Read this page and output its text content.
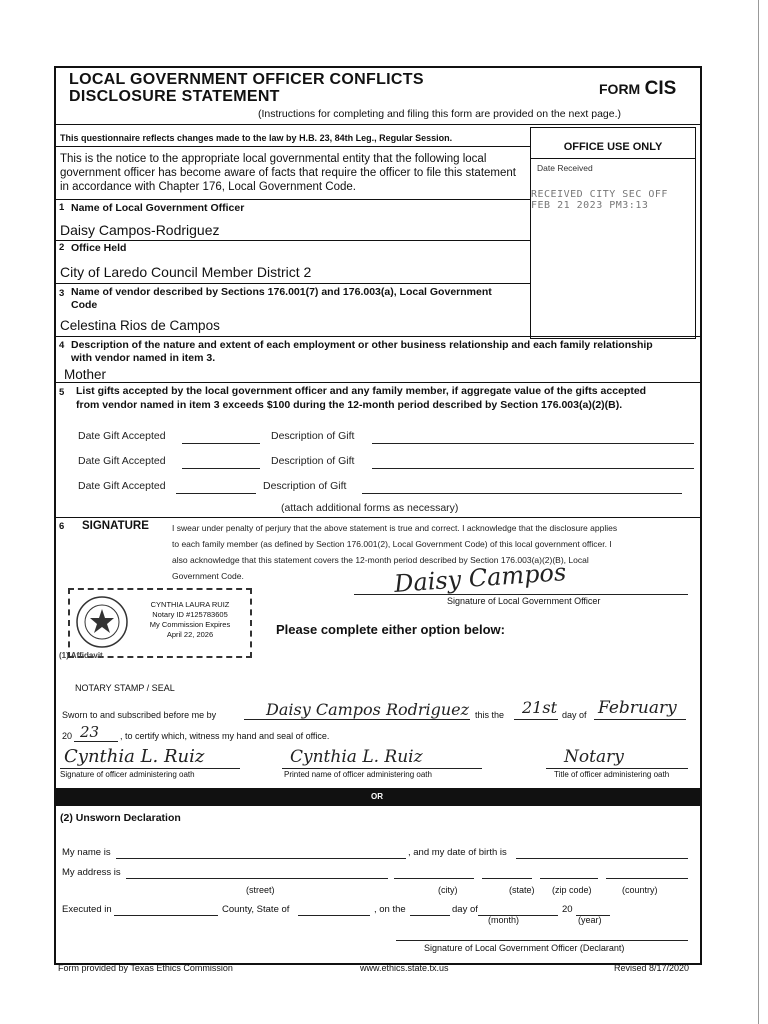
LOCAL GOVERNMENT OFFICER CONFLICTS
DISCLOSURE STATEMENT	FORM CIS
(Instructions for completing and filing this form are provided on the next page.)
This questionnaire reflects changes made to the law by H.B. 23, 84th Leg., Regular Session.
OFFICE USE ONLY
Date Received
RECEIVED CITY SEC OFF
FEB 21 2023 PM3:13
This is the notice to the appropriate local governmental entity that the following local government officer has become aware of facts that require the officer to file this statement in accordance with Chapter 176, Local Government Code.
1 Name of Local Government Officer
Daisy Campos-Rodriguez
2 Office Held
City of Laredo Council Member District 2
3 Name of vendor described by Sections 176.001(7) and 176.003(a), Local Government
Code
Celestina Rios de Campos
4 Description of the nature and extent of each employment or other business relationship and each family relationship
with vendor named in item 3.
Mother
5 List gifts accepted by the local government officer and any family member, if aggregate value of the gifts accepted
from vendor named in item 3 exceeds $100 during the 12-month period described by Section 176.003(a)(2)(B).
Date Gift Accepted	Description of Gift
Date Gift Accepted	Description of Gift
Date Gift Accepted	Description of Gift
(attach additional forms as necessary)
6 SIGNATURE	I swear under penalty of perjury that the above statement is true and correct. I acknowledge that the disclosure applies
to each family member (as defined by Section 176.001(2), Local Government Code) of this local government officer. I
also acknowledge that this statement covers the 12-month period described by Section 176.003(a)(2)(B), Local
Government Code.	Daisy Campos
Signature of Local Government Officer
CYNTHIA LAURA RUIZ
Notary ID #125783605
My Commission Expires
April 22, 2026	Please complete either option below:
(1) Affidavit
NOTARY STAMP / SEAL
Sworn to and subscribed before me by	Daisy Campos Rodriguez this the 21st day of February
20 23 , to certify which, witness my hand and seal of office.
Cynthia L. Ruiz	Cynthia L. Ruiz	Notary
Signature of officer administering oath	Printed name of officer administering oath	Title of officer administering oath
OR
(2) Unsworn Declaration
My name is	, and my date of birth is
My address is
(street)	(city)	(state) (zip code)	(country)
Executed in	County, State of	, on the	day of	20
(month)	(year)
Signature of Local Government Officer (Declarant)
Form provided by Texas Ethics Commission	www.ethics.state.tx.us	Revised 8/17/2020
